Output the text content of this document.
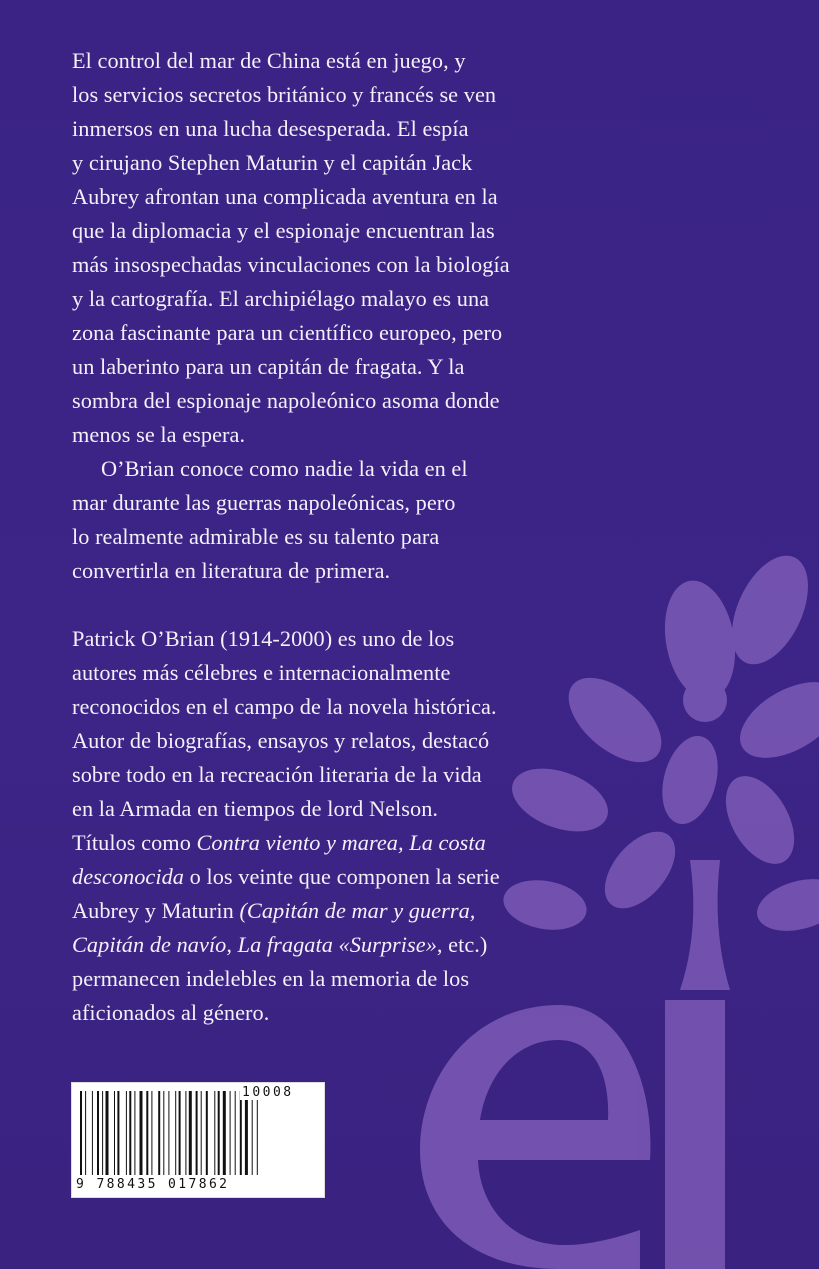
El control del mar de China está en juego, y
los servicios secretos británico y francés se ven
inmersos en una lucha desesperada. El espía
y cirujano Stephen Maturin y el capitán Jack
Aubrey afrontan una complicada aventura en la
que la diplomacia y el espionaje encuentran las
más insospechadas vinculaciones con la biología
y la cartografía. El archipiélago malayo es una
zona fascinante para un científico europeo, pero
un laberinto para un capitán de fragata. Y la
sombra del espionaje napoleónico asoma donde
menos se la espera.

O’Brian conoce como nadie la vida en el
mar durante las guerras napoleónicas, pero
lo realmente admirable es su talento para
convertirla en literatura de primera.

Patrick O’Brian (1914-2000) es uno de los
autores más célebres e internacionalmente
reconocidos en el campo de la novela histórica.
Autor de biografías, ensayos y relatos, destacó
sobre todo en la recreación literaria de la vida
en la Armada en tiempos de lord Nelson.
Títulos como Contra viento y marea, La costa
desconocida o los veinte que componen la serie
Aubrey y Maturin (Capitán de mar y guerra,
Capitán de navío, La fragata «Surprise», etc.)
permanecen indelebles en la memoria de los
aficionados al género.

10008
9 788435 017862
